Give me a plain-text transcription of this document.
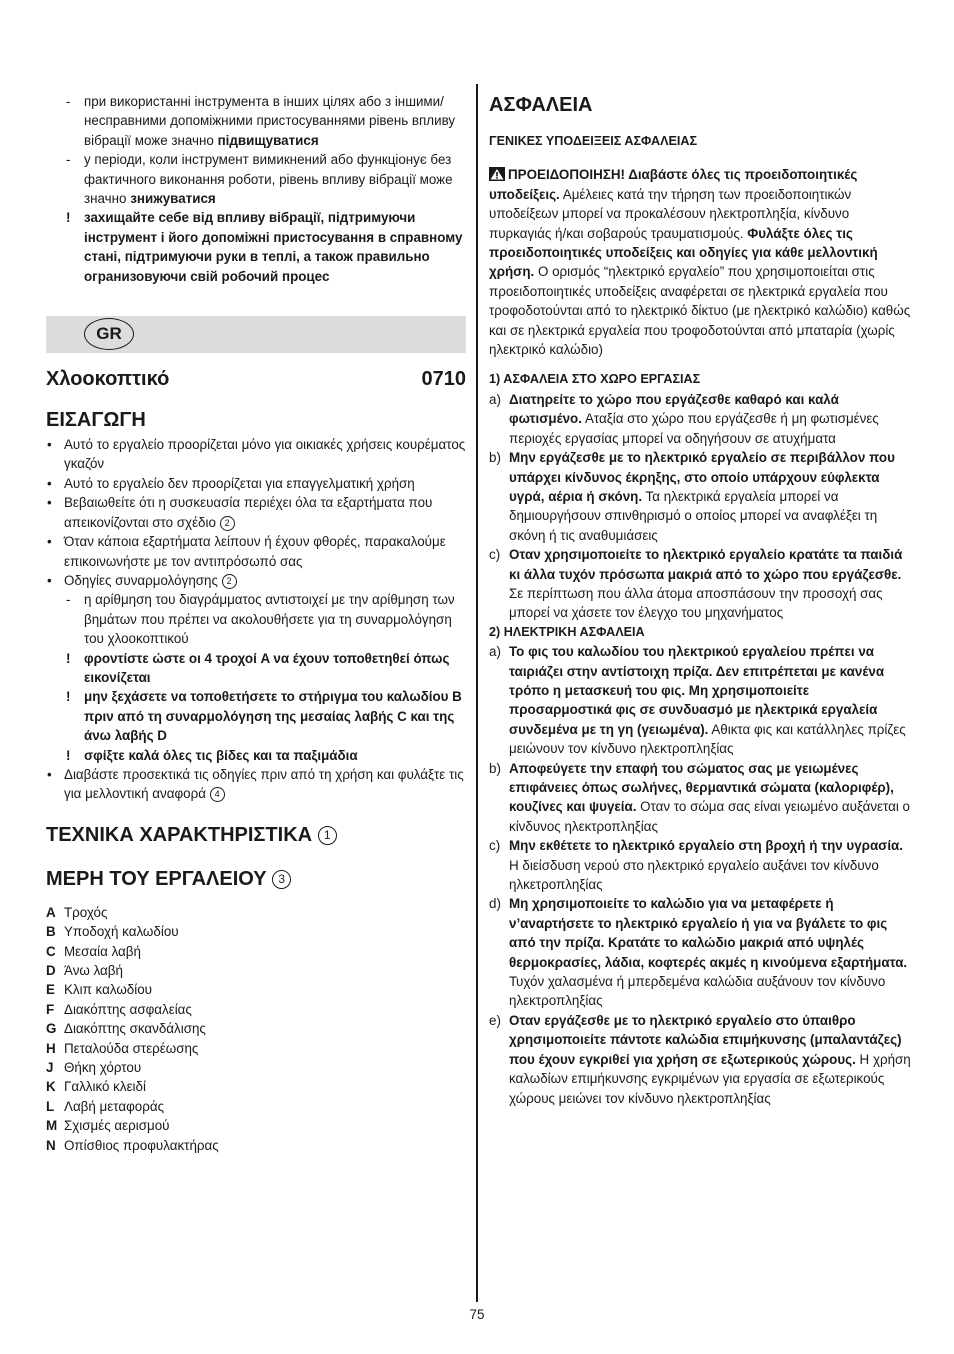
- при використанні інструмента в інших цілях або з іншими/несправними допоміжними пристосуваннями рівень впливу вібрації може значно підвищуватися
- у періоди, коли інструмент вимикнений або функціонує без фактичного виконання роботи, рівень впливу вібрації може значно знижуватися
! захищайте себе від впливу вібрації, підтримуючи інструмент і його допоміжні пристосування в справному стані, підтримуючи руки в теплі, а також правильно огранизовуючи свій робочий процес
GR
Χλοοκοπτικό	0710
ΕΙΣΑΓΩΓΗ
• Αυτό το εργαλείο προορίζεται μόνο για οικιακές χρήσεις κουρέματος γκαζόν
• Αυτό το εργαλείο δεν προορίζεται για επαγγελματική χρήση
• Βεβαιωθείτε ότι η συσκευασία περιέχει όλα τα εξαρτήματα που απεικονίζονται στο σχέδιο 2
• Όταν κάποια εξαρτήματα λείπουν ή έχουν φθορές, παρακαλούμε επικοινωνήστε με τον αντιπρόσωπό σας
• Οδηγίες συναρμολόγησης 2
- η αρίθμηση του διαγράμματος αντιστοιχεί με την αρίθμηση των βημάτων που πρέπει να ακολουθήσετε για τη συναρμολόγηση του χλοοκοπτικού
! φροντίστε ώστε οι 4 τροχοί A να έχουν τοποθετηθεί όπως εικονίζεται
! μην ξεχάσετε να τοποθετήσετε το στήριγμα του καλωδίου B πριν από τη συναρμολόγηση της μεσαίας λαβής C και της άνω λαβής D
! σφίξτε καλά όλες τις βίδες και τα παξιμάδια
• Διαβάστε προσεκτικά τις οδηγίες πριν από τη χρήση και φυλάξτε τις για μελλοντική αναφορά 4
ΤΕΧΝΙΚΑ ΧΑΡΑΚΤΗΡΙΣΤΙΚΑ 1
ΜΕΡΗ ΤΟΥ ΕΡΓΑΛΕΙΟΥ 3
A Τροχός
B Υποδοχή καλωδίου
C Μεσαία λαβή
D Άνω λαβή
E Κλιπ καλωδίου
F Διακόπτης ασφαλείας
G Διακόπτης σκανδάλισης
H Πεταλούδα στερέωσης
J Θήκη χόρτου
K Γαλλικό κλειδί
L Λαβή μεταφοράς
M Σχισμές αερισμού
N Οπίσθιος προφυλακτήρας
ΑΣΦΑΛΕΙΑ
ΓΕΝΙΚΕΣ ΥΠΟΔΕΙΞΕΙΣ ΑΣΦΑΛΕΙΑΣ
ΠΡΟΕΙΔΟΠΟΙΗΣΗ! Διαβάστε όλες τις προειδοποιητικές υποδείξεις. Αμέλειες κατά την τήρηση των προειδοποιητικών υποδείξεων μπορεί να προκαλέσουν ηλεκτροπληξία, κίνδυνο πυρκαγιάς ή/και σοβαρούς τραυματισμούς. Φυλάξτε όλες τις προειδοποιητικές υποδείξεις και οδηγίες για κάθε μελλοντική χρήση. Ο ορισμός “ηλεκτρικό εργαλείο” που χρησιμοποιείται στις προειδοποιητικές υποδείξεις αναφέρεται σε ηλεκτρικά εργαλεία που τροφοδοτούνται από το ηλεκτρικό δίκτυο (με ηλεκτρικό καλώδιο) καθώς και σε ηλεκτρικά εργαλεία που τροφοδοτούνται από μπαταρία (χωρίς ηλεκτρικό καλώδιο)
1) ΑΣΦΑΛΕΙΑ ΣΤΟ ΧΩΡΟ ΕΡΓΑΣΙΑΣ
a) Διατηρείτε το χώρο που εργάζεσθε καθαρό και καλά φωτισμένο. Αταξία στο χώρο που εργάζεσθε ή μη φωτισμένες περιοχές εργασίας μπορεί να οδηγήσουν σε ατυχήματα
b) Μην εργάζεσθε με το ηλεκτρικό εργαλείο σε περιβάλλον που υπάρχει κίνδυνος έκρηξης, στο οποίο υπάρχουν εύφλεκτα υγρά, αέρια ή σκόνη. Τα ηλεκτρικά εργαλεία μπορεί να δημιουργήσουν σπινθηρισμό ο οποίος μπορεί να αναφλέξει τη σκόνη ή τις αναθυμιάσεις
c) Οταν χρησιμοποιείτε το ηλεκτρικό εργαλείο κρατάτε τα παιδιά κι άλλα τυχόν πρόσωπα μακριά από το χώρο που εργάζεσθε. Σε περίπτωση που άλλα άτομα αποσπάσουν την προσοχή σας μπορεί να χάσετε τον έλεγχο του μηχανήματος
2) ΗΛΕΚΤΡΙΚΗ ΑΣΦΑΛΕΙΑ
a) Το φις του καλωδίου του ηλεκτρικού εργαλείου πρέπει να ταιριάζει στην αντίστοιχη πρίζα. Δεν επιτρέπεται με κανένα τρόπο η μετασκευή του φις. Μη χρησιμοποιείτε προσαρμοστικά φις σε συνδυασμό με ηλεκτρικά εργαλεία συνδεμένα με τη γη (γειωμένα). Αθικτα φις και κατάλληλες πρίζες μειώνουν τον κίνδυνο ηλεκτροπληξίας
b) Αποφεύγετε την επαφή του σώματος σας με γειωμένες επιφάνειες όπως σωλήνες, θερμαντικά σώματα (καλοριφέρ), κουζίνες και ψυγεία. Οταν το σώμα σας είναι γειωμένο αυξάνεται ο κίνδυνος ηλεκτροπληξίας
c) Μην εκθέτετε το ηλεκτρικό εργαλείο στη βροχή ή την υγρασία. Η διείσδυση νερού στο ηλεκτρικό εργαλείο αυξάνει τον κίνδυνο ηλκετροπληξίας
d) Μη χρησιμοποιείτε το καλώδιο για να μεταφέρετε ή ν’αναρτήσετε το ηλεκτρικό εργαλείο ή για να βγάλετε το φις από την πρίζα. Κρατάτε το καλώδιο μακριά από υψηλές θερμοκρασίες, λάδια, κοφτερές ακμές η κινούμενα εξαρτήματα. Τυχόν χαλασμένα ή μπερδεμένα καλώδια αυξάνουν τον κίνδυνο ηλεκτροπληξίας
e) Οταν εργάζεσθε με το ηλεκτρικό εργαλείο στο ύπαιθρο χρησιμοποιείτε πάντοτε καλώδια επιμήκυνσης (μπαλαντάζες) που έχουν εγκριθεί για χρήση σε εξωτερικούς χώρους. Η χρήση καλωδίων επιμήκυνσης εγκριμένων για εργασία σε εξωτερικούς χώρους μειώνει τον κίνδυνο ηλεκτροπληξίας
75
